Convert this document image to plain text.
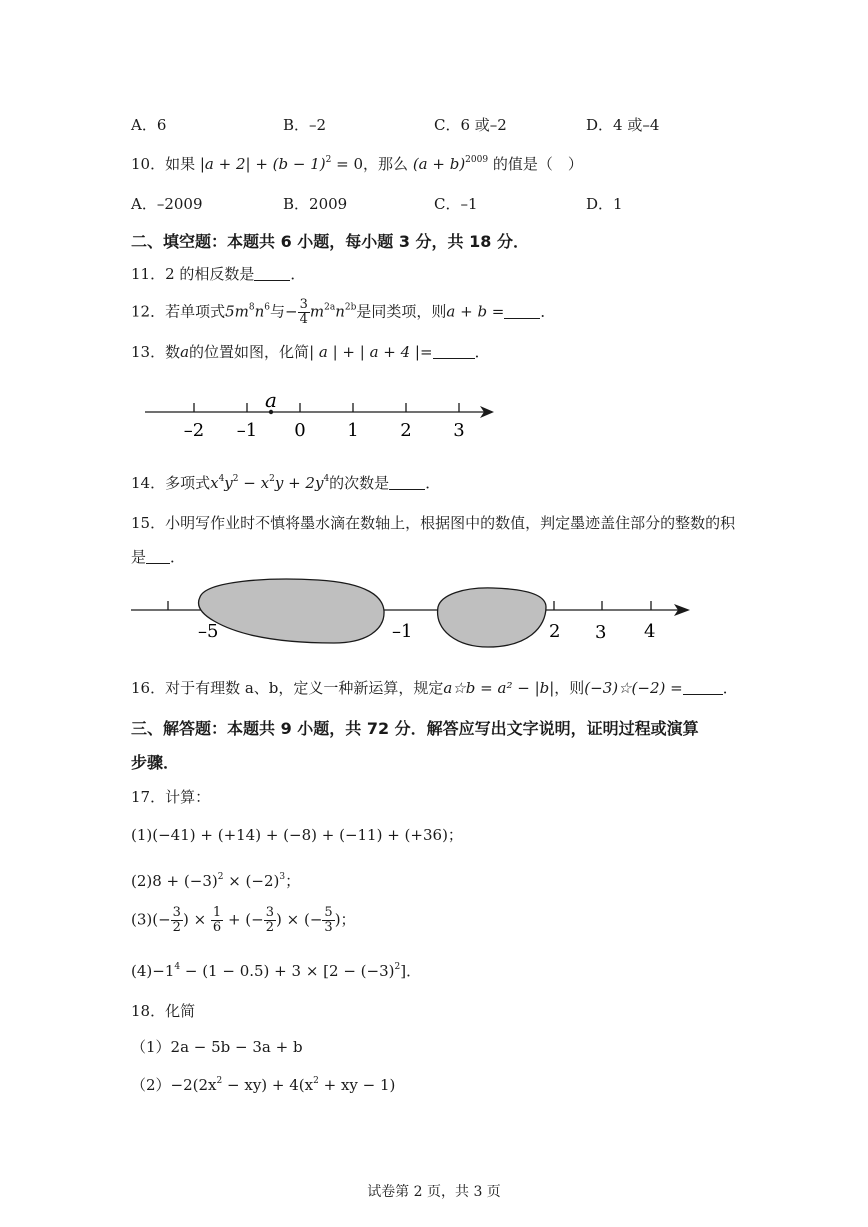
A．6	B．–2	C．6 或–2	D．4 或–4
10．如果 $|a + 2| + (b - 1)^2 = 0$，那么 $(a + b)^{2009}$ 的值是（　）
A．–2009	B．2009	C．–1	D．1
二、填空题：本题共 6 小题，每小题 3 分，共 18 分．
11．2 的相反数是 ．
12．若单项式$5m^8n^6$与− $\frac{3}{4} m^{2a}n^{2b}$是同类项，则a + b = ．
13．数a的位置如图，化简| a | + | a + 4 |=	．
–2 –1 0 1 2 3
a
14．多项式$x^4y^2 - x^2y + 2y^4$的次数是 ．
15．小明写作业时不慎将墨水滴在数轴上，根据图中的数值，判定墨迹盖住部分的整数的积
是 ．
–5	–1	2 3 4
16．对于有理数 a、b，定义一种新运算，规定a☆b = a² − |b|，则(−3)☆(−2) =	．
三、解答题：本题共 9 小题，共 72 分．解答应写出文字说明，证明过程或演算
步骤．
17．计算：
(1)(−41) + (+14) + (−8) + (−11) + (+36)；
$(2)8 + (-3)^2 \times (-2)^3$；
$(3)(- \frac{3}{2}$ ) × $\frac{1}{6}$ + (− $\frac{3}{2}$ ) × (− $\frac{5}{3}$ )；
$(4)-1^4 - (1 - 0.5) + 3 \times [2 - (-3)^2]$．
18．化简
（1）2a − 5b − 3a + b
$(2)-2(2x^2 - xy) + 4(x^2$ + xy − 1)
试卷第 2 页，共 3 页
